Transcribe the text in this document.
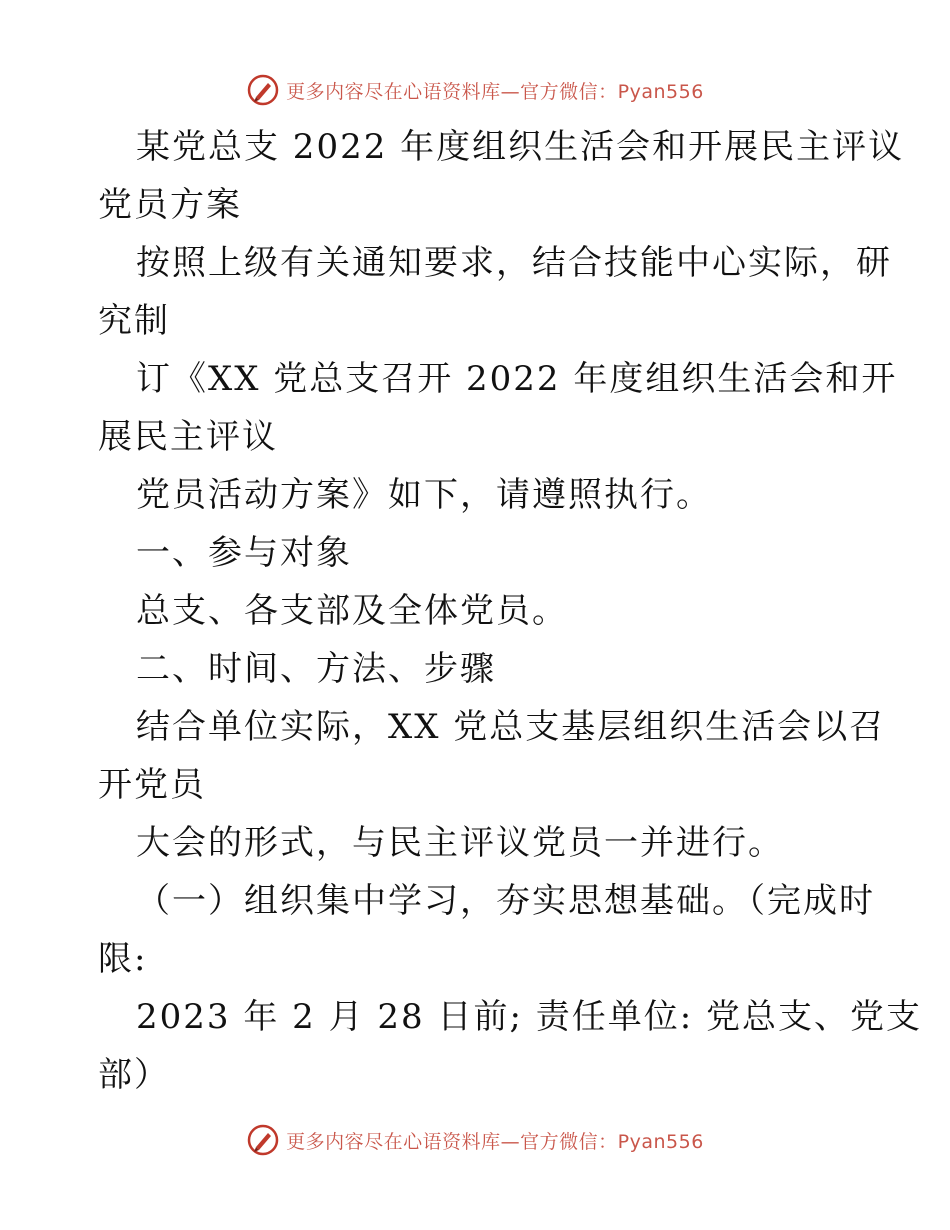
更多内容尽在心语资料库—官方微信：Pyan556
某党总支 2022 年度组织生活会和开展民主评议
党员方案
按照上级有关通知要求，结合技能中心实际，研
究制
订《XX 党总支召开 2022 年度组织生活会和开
展民主评议
党员活动方案》如下，请遵照执行。
一、参与对象
总支、各支部及全体党员。
二、时间、方法、步骤
结合单位实际，XX 党总支基层组织生活会以召
开党员
大会的形式，与民主评议党员一并进行。
（一）组织集中学习，夯实思想基础。（完成时
限:
2023 年 2 月 28 日前; 责任单位: 党总支、党支
部）
更多内容尽在心语资料库—官方微信：Pyan556
